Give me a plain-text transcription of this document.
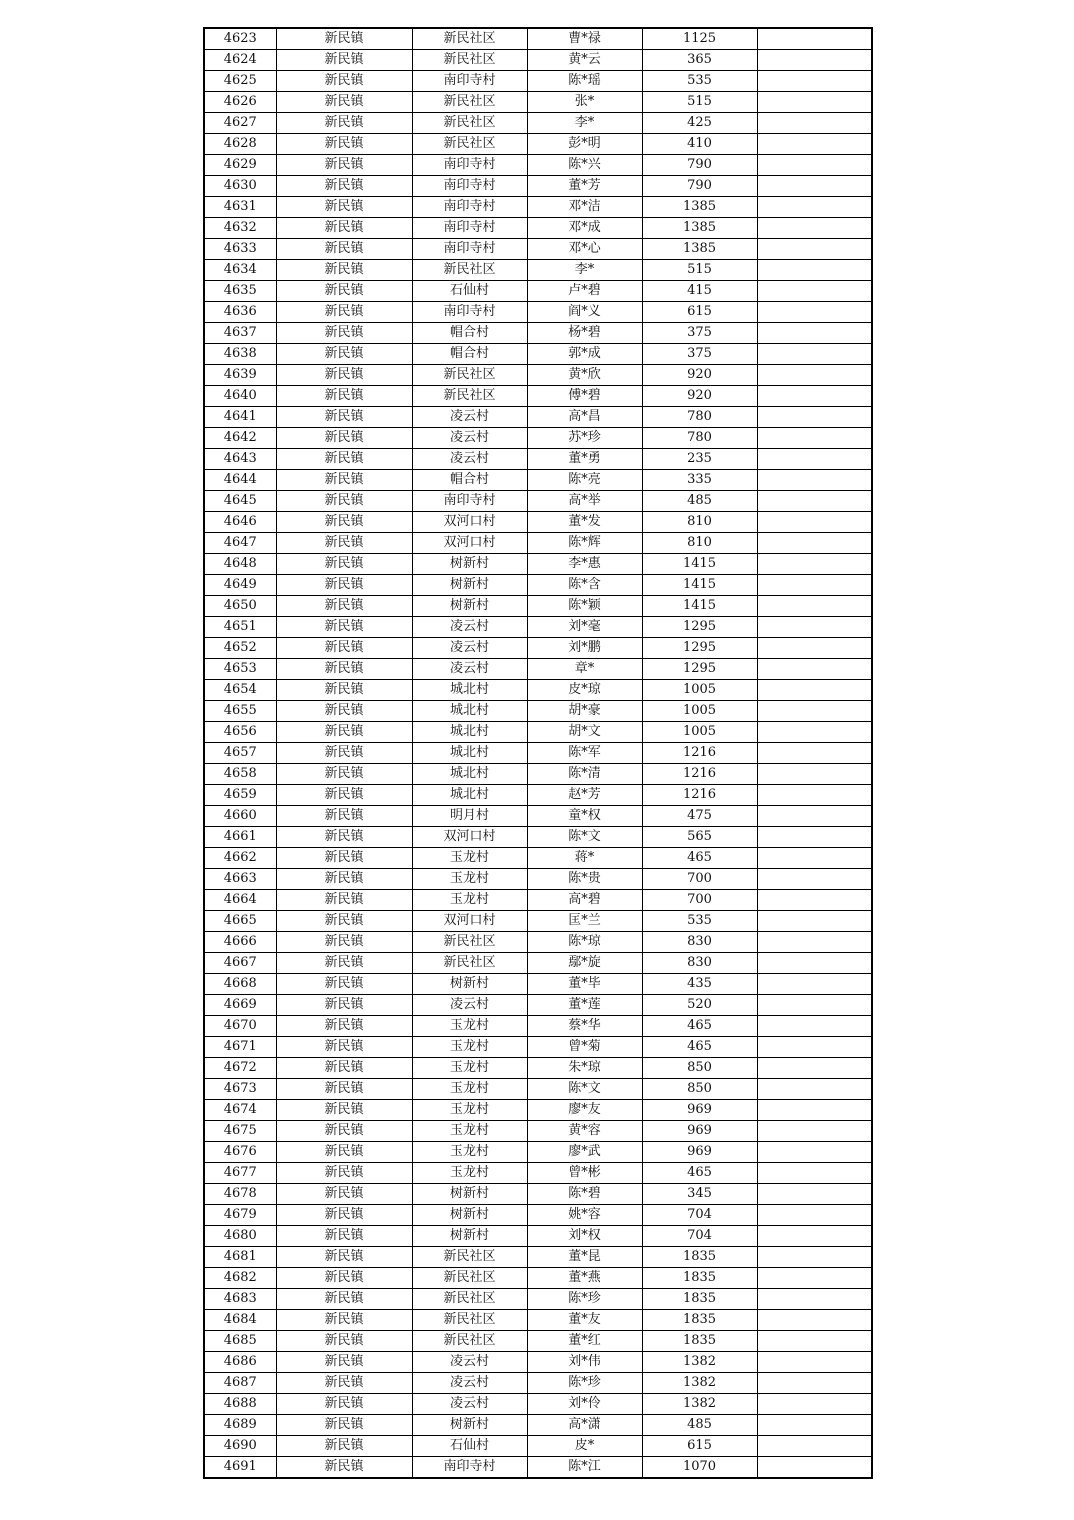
4623	新民镇	新民社区	曹*禄	1125	
4624	新民镇	新民社区	黄*云	365	
4625	新民镇	南印寺村	陈*瑶	535	
4626	新民镇	新民社区	张*	515	
4627	新民镇	新民社区	李*	425	
4628	新民镇	新民社区	彭*明	410	
4629	新民镇	南印寺村	陈*兴	790	
4630	新民镇	南印寺村	董*芳	790	
4631	新民镇	南印寺村	邓*洁	1385	
4632	新民镇	南印寺村	邓*成	1385	
4633	新民镇	南印寺村	邓*心	1385	
4634	新民镇	新民社区	李*	515	
4635	新民镇	石仙村	卢*碧	415	
4636	新民镇	南印寺村	阎*义	615	
4637	新民镇	帽合村	杨*碧	375	
4638	新民镇	帽合村	郭*成	375	
4639	新民镇	新民社区	黄*欣	920	
4640	新民镇	新民社区	傅*碧	920	
4641	新民镇	凌云村	高*昌	780	
4642	新民镇	凌云村	苏*珍	780	
4643	新民镇	凌云村	董*勇	235	
4644	新民镇	帽合村	陈*亮	335	
4645	新民镇	南印寺村	高*举	485	
4646	新民镇	双河口村	董*发	810	
4647	新民镇	双河口村	陈*辉	810	
4648	新民镇	树新村	李*惠	1415	
4649	新民镇	树新村	陈*含	1415	
4650	新民镇	树新村	陈*颖	1415	
4651	新民镇	凌云村	刘*毫	1295	
4652	新民镇	凌云村	刘*鹏	1295	
4653	新民镇	凌云村	章*	1295	
4654	新民镇	城北村	皮*琼	1005	
4655	新民镇	城北村	胡*豪	1005	
4656	新民镇	城北村	胡*文	1005	
4657	新民镇	城北村	陈*军	1216	
4658	新民镇	城北村	陈*清	1216	
4659	新民镇	城北村	赵*芳	1216	
4660	新民镇	明月村	童*权	475	
4661	新民镇	双河口村	陈*文	565	
4662	新民镇	玉龙村	蒋*	465	
4663	新民镇	玉龙村	陈*贵	700	
4664	新民镇	玉龙村	高*碧	700	
4665	新民镇	双河口村	匡*兰	535	
4666	新民镇	新民社区	陈*琼	830	
4667	新民镇	新民社区	鄢*旋	830	
4668	新民镇	树新村	董*毕	435	
4669	新民镇	凌云村	董*莲	520	
4670	新民镇	玉龙村	蔡*华	465	
4671	新民镇	玉龙村	曾*菊	465	
4672	新民镇	玉龙村	朱*琼	850	
4673	新民镇	玉龙村	陈*文	850	
4674	新民镇	玉龙村	廖*友	969	
4675	新民镇	玉龙村	黄*容	969	
4676	新民镇	玉龙村	廖*武	969	
4677	新民镇	玉龙村	曾*彬	465	
4678	新民镇	树新村	陈*碧	345	
4679	新民镇	树新村	姚*容	704	
4680	新民镇	树新村	刘*权	704	
4681	新民镇	新民社区	董*昆	1835	
4682	新民镇	新民社区	董*燕	1835	
4683	新民镇	新民社区	陈*珍	1835	
4684	新民镇	新民社区	董*友	1835	
4685	新民镇	新民社区	董*红	1835	
4686	新民镇	凌云村	刘*伟	1382	
4687	新民镇	凌云村	陈*珍	1382	
4688	新民镇	凌云村	刘*伶	1382	
4689	新民镇	树新村	高*潇	485	
4690	新民镇	石仙村	皮*	615	
4691	新民镇	南印寺村	陈*江	1070	
